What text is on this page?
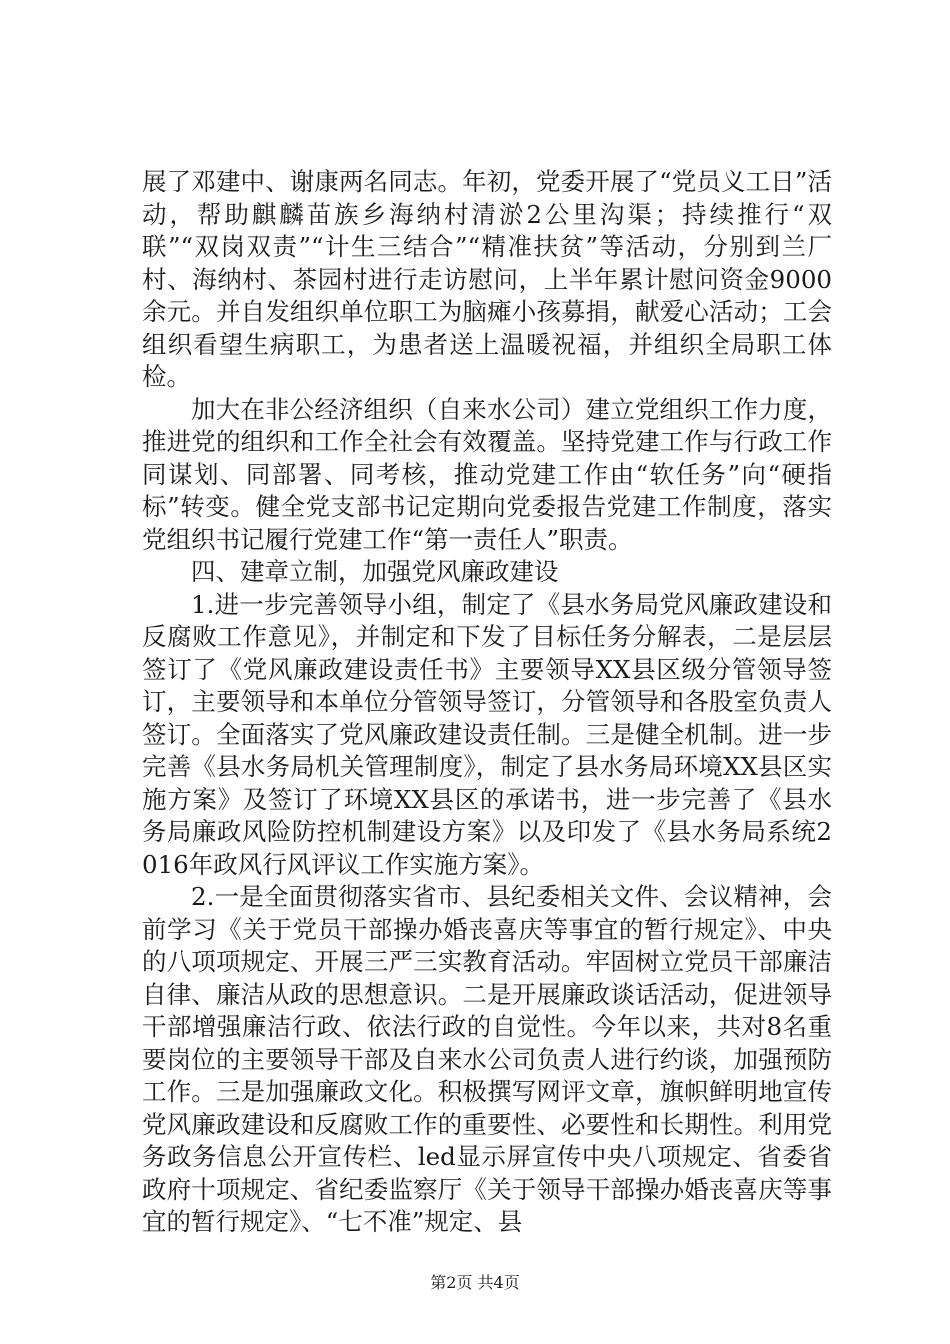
展了邓建中、谢康两名同志。年初，党委开展了“党员义工日”活动，帮助麒麟苗族乡海纳村清淤2公里沟渠；持续推行“双联”“双岗双责”“计生三结合”“精准扶贫”等活动，分别到兰厂村、海纳村、茶园村进行走访慰问，上半年累计慰问资金9000余元。并自发组织单位职工为脑瘫小孩募捐，献爱心活动；工会组织看望生病职工，为患者送上温暖祝福，并组织全局职工体检。

加大在非公经济组织（自来水公司）建立党组织工作力度，推进党的组织和工作全社会有效覆盖。坚持党建工作与行政工作同谋划、同部署、同考核，推动党建工作由“软任务”向“硬指标”转变。健全党支部书记定期向党委报告党建工作制度，落实党组织书记履行党建工作“第一责任人”职责。

四、建章立制，加强党风廉政建设

1.进一步完善领导小组，制定了《县水务局党风廉政建设和反腐败工作意见》，并制定和下发了目标任务分解表，二是层层签订了《党风廉政建设责任书》主要领导XX县区级分管领导签订，主要领导和本单位分管领导签订，分管领导和各股室负责人签订。全面落实了党风廉政建设责任制。三是健全机制。进一步完善《县水务局机关管理制度》，制定了县水务局环境XX县区实施方案》及签订了环境XX县区的承诺书，进一步完善了《县水务局廉政风险防控机制建设方案》以及印发了《县水务局系统2016年政风行风评议工作实施方案》。

2.一是全面贯彻落实省市、县纪委相关文件、会议精神，会前学习《关于党员干部操办婚丧喜庆等事宜的暂行规定》、中央的八项项规定、开展三严三实教育活动。牢固树立党员干部廉洁自律、廉洁从政的思想意识。二是开展廉政谈话活动，促进领导干部增强廉洁行政、依法行政的自觉性。今年以来，共对8名重要岗位的主要领导干部及自来水公司负责人进行约谈，加强预防工作。三是加强廉政文化。积极撰写网评文章，旗帜鲜明地宣传党风廉政建设和反腐败工作的重要性、必要性和长期性。利用党务政务信息公开宣传栏、led显示屏宣传中央八项规定、省委省政府十项规定、省纪委监察厅《关于领导干部操办婚丧喜庆等事宜的暂行规定》、“七不准”规定、县

第2页 共4页
